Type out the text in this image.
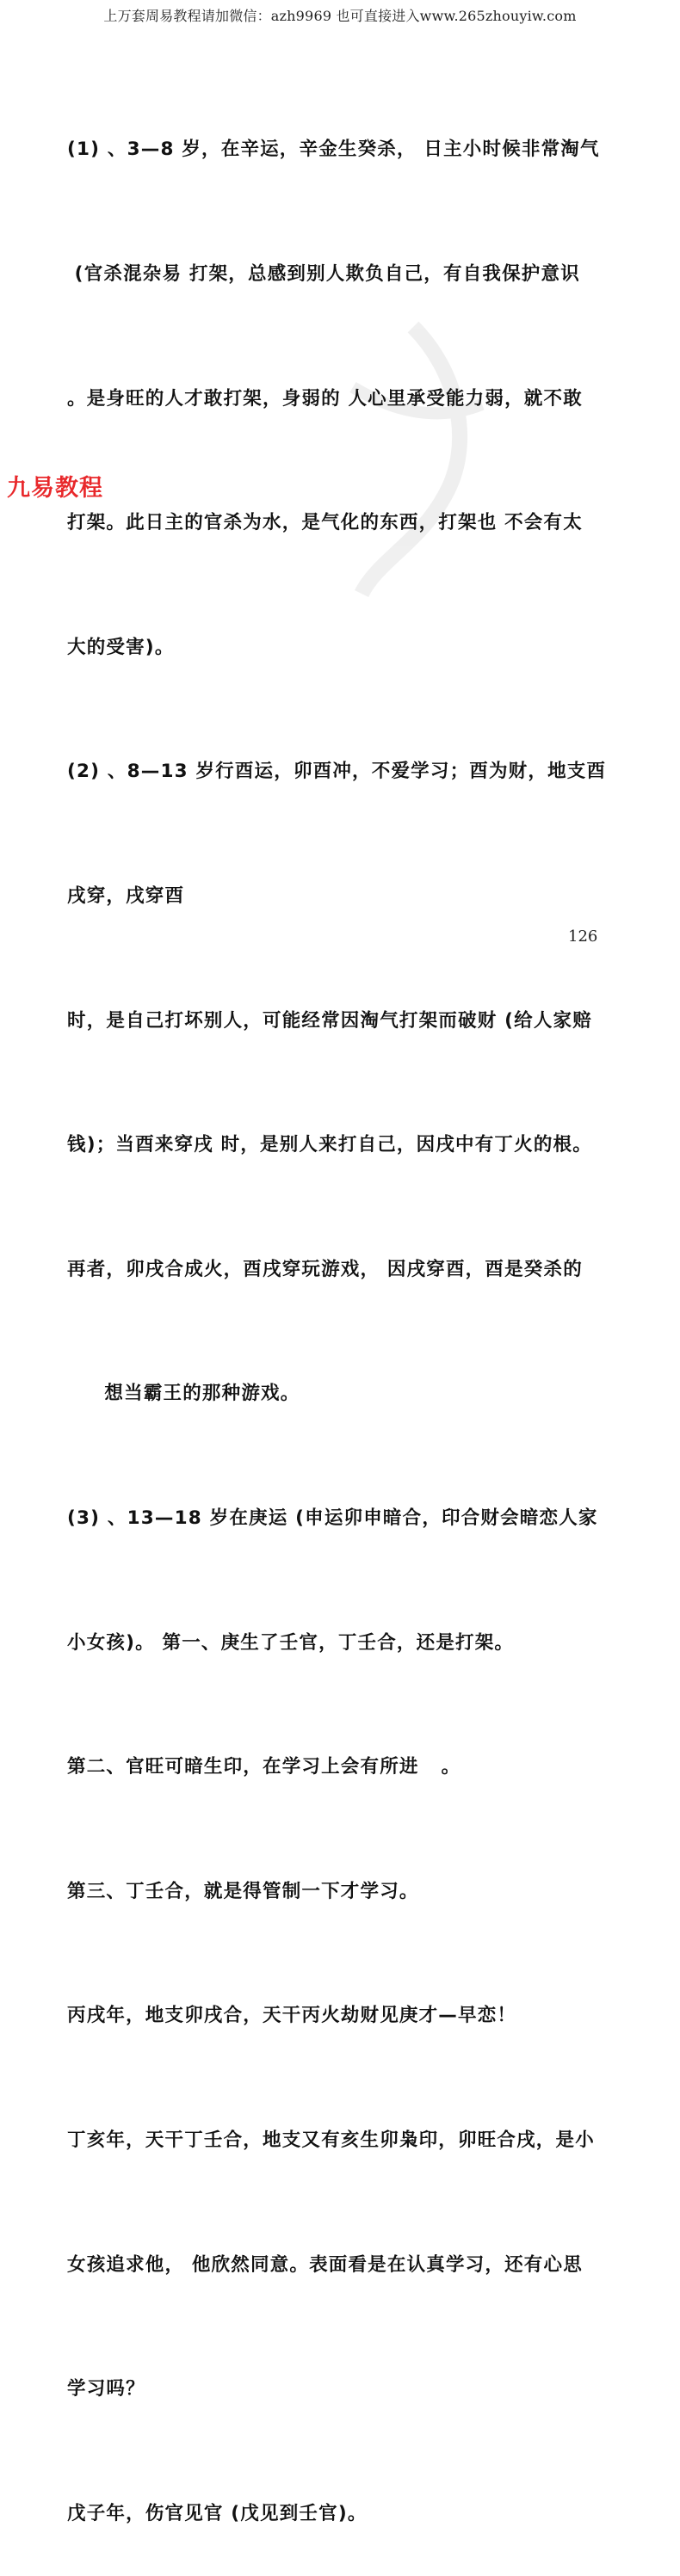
上万套周易教程请加微信：azh9969 也可直接进入www.265zhouyiw.com

(1) 、3—8 岁，在辛运，辛金生癸杀， 日主小时候非常淘气

(官杀混杂易 打架，总感到别人欺负自己，有自我保护意识

。是身旺的人才敢打架，身弱的 人心里承受能力弱，就不敢

打架。此日主的官杀为水，是气化的东西，打架也 不会有太

大的受害)。

(2) 、8—13 岁行酉运，卯酉冲，不爱学习；酉为财，地支酉

戌穿，戌穿酉

时，是自己打坏别人，可能经常因淘气打架而破财 (给人家赔

钱)；当酉来穿戌 时，是别人来打自己，因戌中有丁火的根。

再者，卯戌合成火，酉戌穿玩游戏， 因戌穿酉，酉是癸杀的

想当霸王的那种游戏。

(3) 、13—18 岁在庚运 (申运卯申暗合，印合财会暗恋人家

小女孩)。 第一、庚生了壬官，丁壬合，还是打架。

第二、官旺可暗生印，在学习上会有所进   。

第三、丁壬合，就是得管制一下才学习。

丙戌年，地支卯戌合，天干丙火劫财见庚才—早恋！

丁亥年，天干丁壬合，地支又有亥生卯枭印，卯旺合戌，是小

女孩追求他， 他欣然同意。表面看是在认真学习，还有心思

学习吗？

戊子年，伤官见官 (戊见到壬官)。

九易教程
126
